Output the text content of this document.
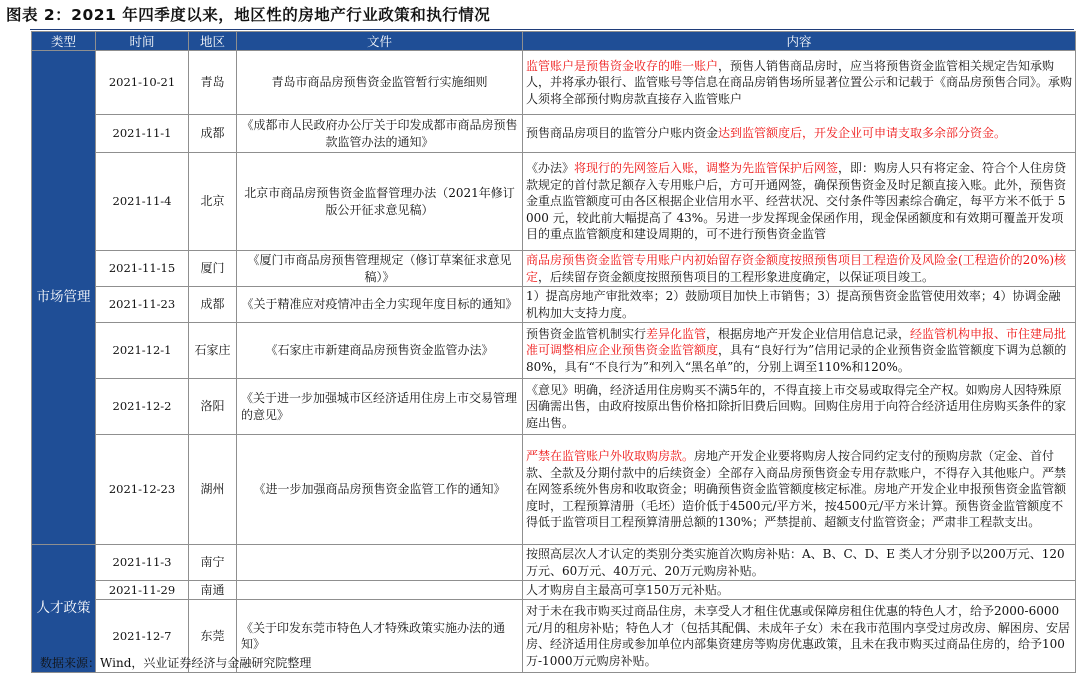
图表 2：2021 年四季度以来，地区性的房地产行业政策和执行情况
类型	时间	地区	文件	内容
市场管理	2021-10-21	青岛	青岛市商品房预售资金监管暂行实施细则	监管账户是预售资金收存的唯一账户，预售人销售商品房时，应当将预售资金监管相关规定告知承购人，并将承办银行、监管账号等信息在商品房销售场所显著位置公示和记载于《商品房预售合同》。承购人须将全部预付购房款直接存入监管账户
	2021-11-1	成都	《成都市人民政府办公厅关于印发成都市商品房预售款监管办法的通知》	预售商品房项目的监管分户账内资金达到监管额度后，开发企业可申请支取多余部分资金。
	2021-11-4	北京	北京市商品房预售资金监督管理办法（2021年修订版公开征求意见稿）	《办法》将现行的先网签后入账，调整为先监管保护后网签，即：购房人只有将定金、符合个人住房贷款规定的首付款足额存入专用账户后，方可开通网签，确保预售资金及时足额直接入账。此外，预售资金重点监管额度可由各区根据企业信用水平、经营状况、交付条件等因素综合确定，每平方米不低于 5000 元，较此前大幅提高了 43%。另进一步发挥现金保函作用，现金保函额度和有效期可覆盖开发项目的重点监管额度和建设周期的，可不进行预售资金监管
	2021-11-15	厦门	《厦门市商品房预售管理规定（修订草案征求意见稿）》	商品房预售资金监管专用账户内初始留存资金额度按照预售项目工程造价及风险金(工程造价的20%)核定，后续留存资金额度按照预售项目的工程形象进度确定，以保证项目竣工。
	2021-11-23	成都	《关于精准应对疫情冲击全力实现年度目标的通知》	1）提高房地产审批效率；2）鼓励项目加快上市销售；3）提高预售资金监管使用效率；4）协调金融机构加大支持力度。
	2021-12-1	石家庄	《石家庄市新建商品房预售资金监管办法》	预售资金监管机制实行差异化监管，根据房地产开发企业信用信息记录，经监管机构申报、市住建局批准可调整相应企业预售资金监管额度，具有“良好行为”信用记录的企业预售资金监管额度下调为总额的80%，具有“不良行为”和列入“黑名单”的，分别上调至110%和120%。
	2021-12-2	洛阳	《关于进一步加强城市区经济适用住房上市交易管理的意见》	《意见》明确，经济适用住房购买不满5年的，不得直接上市交易或取得完全产权。如购房人因特殊原因确需出售，由政府按原出售价格扣除折旧费后回购。回购住房用于向符合经济适用住房购买条件的家庭出售。
	2021-12-23	湖州	《进一步加强商品房预售资金监管工作的通知》	严禁在监管账户外收取购房款。房地产开发企业要将购房人按合同约定支付的预购房款（定金、首付款、全款及分期付款中的后续资金）全部存入商品房预售资金专用存款账户，不得存入其他账户。严禁在网签系统外售房和收取资金；明确预售资金监管额度核定标准。房地产开发企业申报预售资金监管额度时，工程预算清册（毛坯）造价低于4500元/平方米，按4500元/平方米计算。预售资金监管额度不得低于监管项目工程预算清册总额的130%；严禁提前、超额支付监管资金；严肃非工程款支出。
人才政策	2021-11-3	南宁		按照高层次人才认定的类别分类实施首次购房补贴：A、B、C、D、E 类人才分别予以200万元、120万元、60万元、40万元、20万元购房补贴。
	2021-11-29	南通		人才购房自主最高可享150万元补贴。
	2021-12-7	东莞	《关于印发东莞市特色人才特殊政策实施办法的通知》	对于未在我市购买过商品住房，未享受人才租住优惠或保障房租住优惠的特色人才，给予2000-6000元/月的租房补贴；特色人才（包括其配偶、未成年子女）未在我市范围内享受过房改房、解困房、安居房、经济适用住房或参加单位内部集资建房等购房优惠政策，且未在我市购买过商品住房的，给予100万-1000万元购房补贴。
数据来源：Wind，兴业证券经济与金融研究院整理
